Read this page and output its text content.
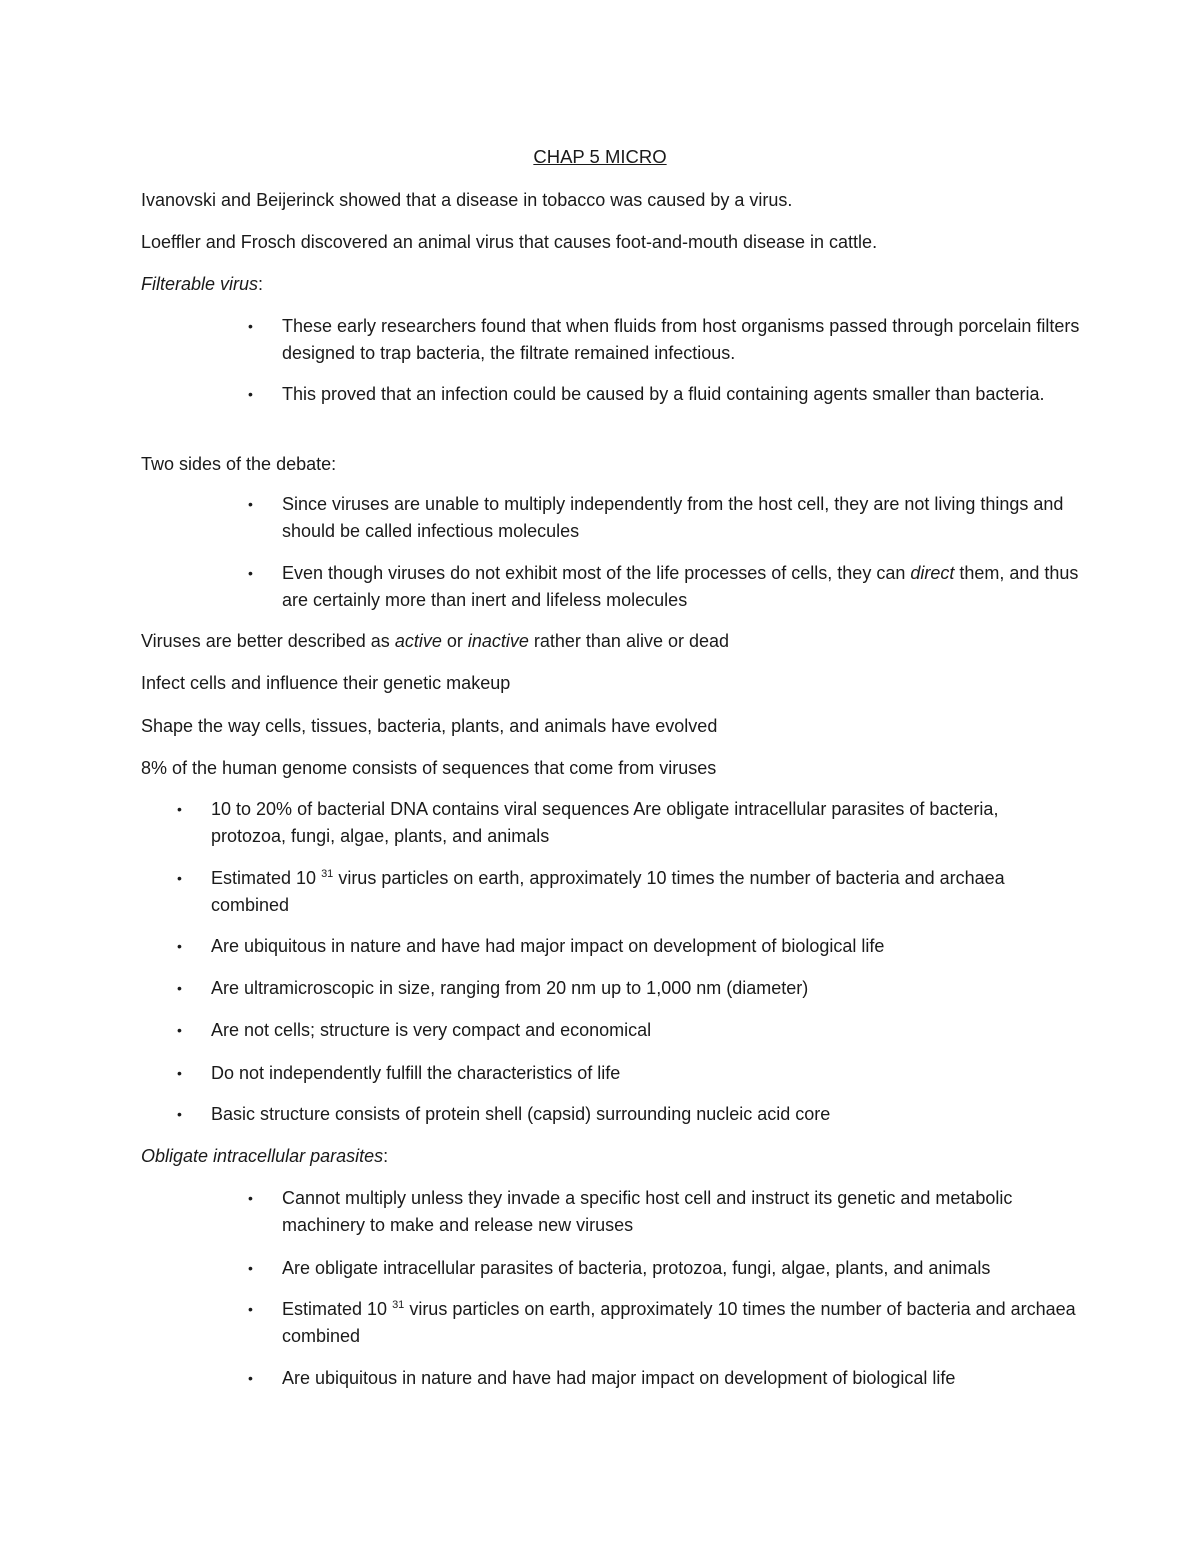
CHAP 5 MICRO
Ivanovski and Beijerinck showed that a disease in tobacco was caused by a virus.
Loeffler and Frosch discovered an animal virus that causes foot-and-mouth disease in cattle.
Filterable virus:
• These early researchers found that when fluids from host organisms passed through porcelain filters designed to trap bacteria, the filtrate remained infectious.
• This proved that an infection could be caused by a fluid containing agents smaller than bacteria.
Two sides of the debate:
• Since viruses are unable to multiply independently from the host cell, they are not living things and should be called infectious molecules
• Even though viruses do not exhibit most of the life processes of cells, they can direct them, and thus are certainly more than inert and lifeless molecules
Viruses are better described as active or inactive rather than alive or dead
Infect cells and influence their genetic makeup
Shape the way cells, tissues, bacteria, plants, and animals have evolved
8% of the human genome consists of sequences that come from viruses
• 10 to 20% of bacterial DNA contains viral sequences Are obligate intracellular parasites of bacteria, protozoa, fungi, algae, plants, and animals
• Estimated 10 $^{31}$ virus particles on earth, approximately 10 times the number of bacteria and archaea combined
• Are ubiquitous in nature and have had major impact on development of biological life
• Are ultramicroscopic in size, ranging from 20 nm up to 1,000 nm (diameter)
• Are not cells; structure is very compact and economical
• Do not independently fulfill the characteristics of life
• Basic structure consists of protein shell (capsid) surrounding nucleic acid core
Obligate intracellular parasites:
• Cannot multiply unless they invade a specific host cell and instruct its genetic and metabolic machinery to make and release new viruses
• Are obligate intracellular parasites of bacteria, protozoa, fungi, algae, plants, and animals
• Estimated 10 $^{31}$ virus particles on earth, approximately 10 times the number of bacteria and archaea combined
• Are ubiquitous in nature and have had major impact on development of biological life
